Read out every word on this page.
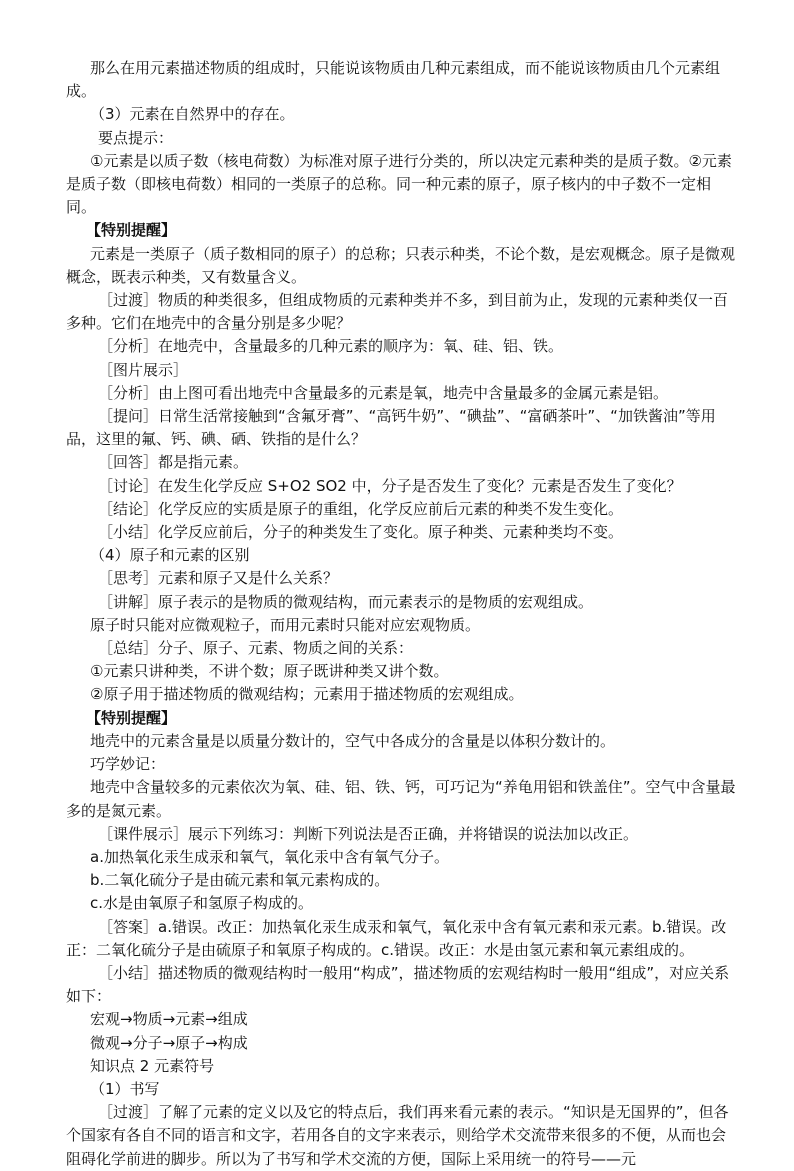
那么在用元素描述物质的组成时，只能说该物质由几种元素组成，而不能说该物质由几个元素组成。

（3）元素在自然界中的存在。

要点提示：

①元素是以质子数（核电荷数）为标准对原子进行分类的，所以决定元素种类的是质子数。②元素是质子数（即核电荷数）相同的一类原子的总称。同一种元素的原子，原子核内的中子数不一定相同。

【特别提醒】

元素是一类原子（质子数相同的原子）的总称；只表示种类，不论个数，是宏观概念。原子是微观概念，既表示种类，又有数量含义。

［过渡］物质的种类很多，但组成物质的元素种类并不多，到目前为止，发现的元素种类仅一百多种。它们在地壳中的含量分别是多少呢？

［分析］在地壳中，含量最多的几种元素的顺序为：氧、硅、铝、铁。

［图片展示］

［分析］由上图可看出地壳中含量最多的元素是氧，地壳中含量最多的金属元素是铝。

［提问］日常生活常接触到“含氟牙膏”、“高钙牛奶”、“碘盐”、“富硒茶叶”、“加铁酱油”等用品，这里的氟、钙、碘、硒、铁指的是什么？

［回答］都是指元素。

［讨论］在发生化学反应 S+O2 SO2 中，分子是否发生了变化？元素是否发生了变化？

［结论］化学反应的实质是原子的重组，化学反应前后元素的种类不发生变化。

［小结］化学反应前后，分子的种类发生了变化。原子种类、元素种类均不变。

（4）原子和元素的区别

［思考］元素和原子又是什么关系？

［讲解］原子表示的是物质的微观结构，而元素表示的是物质的宏观组成。

原子时只能对应微观粒子，而用元素时只能对应宏观物质。

［总结］分子、原子、元素、物质之间的关系：

①元素只讲种类，不讲个数；原子既讲种类又讲个数。

②原子用于描述物质的微观结构；元素用于描述物质的宏观组成。

【特别提醒】

地壳中的元素含量是以质量分数计的，空气中各成分的含量是以体积分数计的。

巧学妙记：

地壳中含量较多的元素依次为氧、硅、铝、铁、钙，可巧记为“养龟用铝和铁盖住”。空气中含量最多的是氮元素。

［课件展示］展示下列练习：判断下列说法是否正确，并将错误的说法加以改正。

a.加热氧化汞生成汞和氧气，氧化汞中含有氧气分子。

b.二氧化硫分子是由硫元素和氧元素构成的。

c.水是由氧原子和氢原子构成的。

［答案］a.错误。改正：加热氧化汞生成汞和氧气，氧化汞中含有氧元素和汞元素。b.错误。改正：二氧化硫分子是由硫原子和氧原子构成的。c.错误。改正：水是由氢元素和氧元素组成的。

［小结］描述物质的微观结构时一般用“构成”，描述物质的宏观结构时一般用“组成”，对应关系如下：

宏观→物质→元素→组成

微观→分子→原子→构成

知识点 2 元素符号

（1）书写

［过渡］了解了元素的定义以及它的特点后，我们再来看元素的表示。“知识是无国界的”，但各个国家有各自不同的语言和文字，若用各自的文字来表示，则给学术交流带来很多的不便，从而也会阻碍化学前进的脚步。所以为了书写和学术交流的方便，国际上采用统一的符号——元
